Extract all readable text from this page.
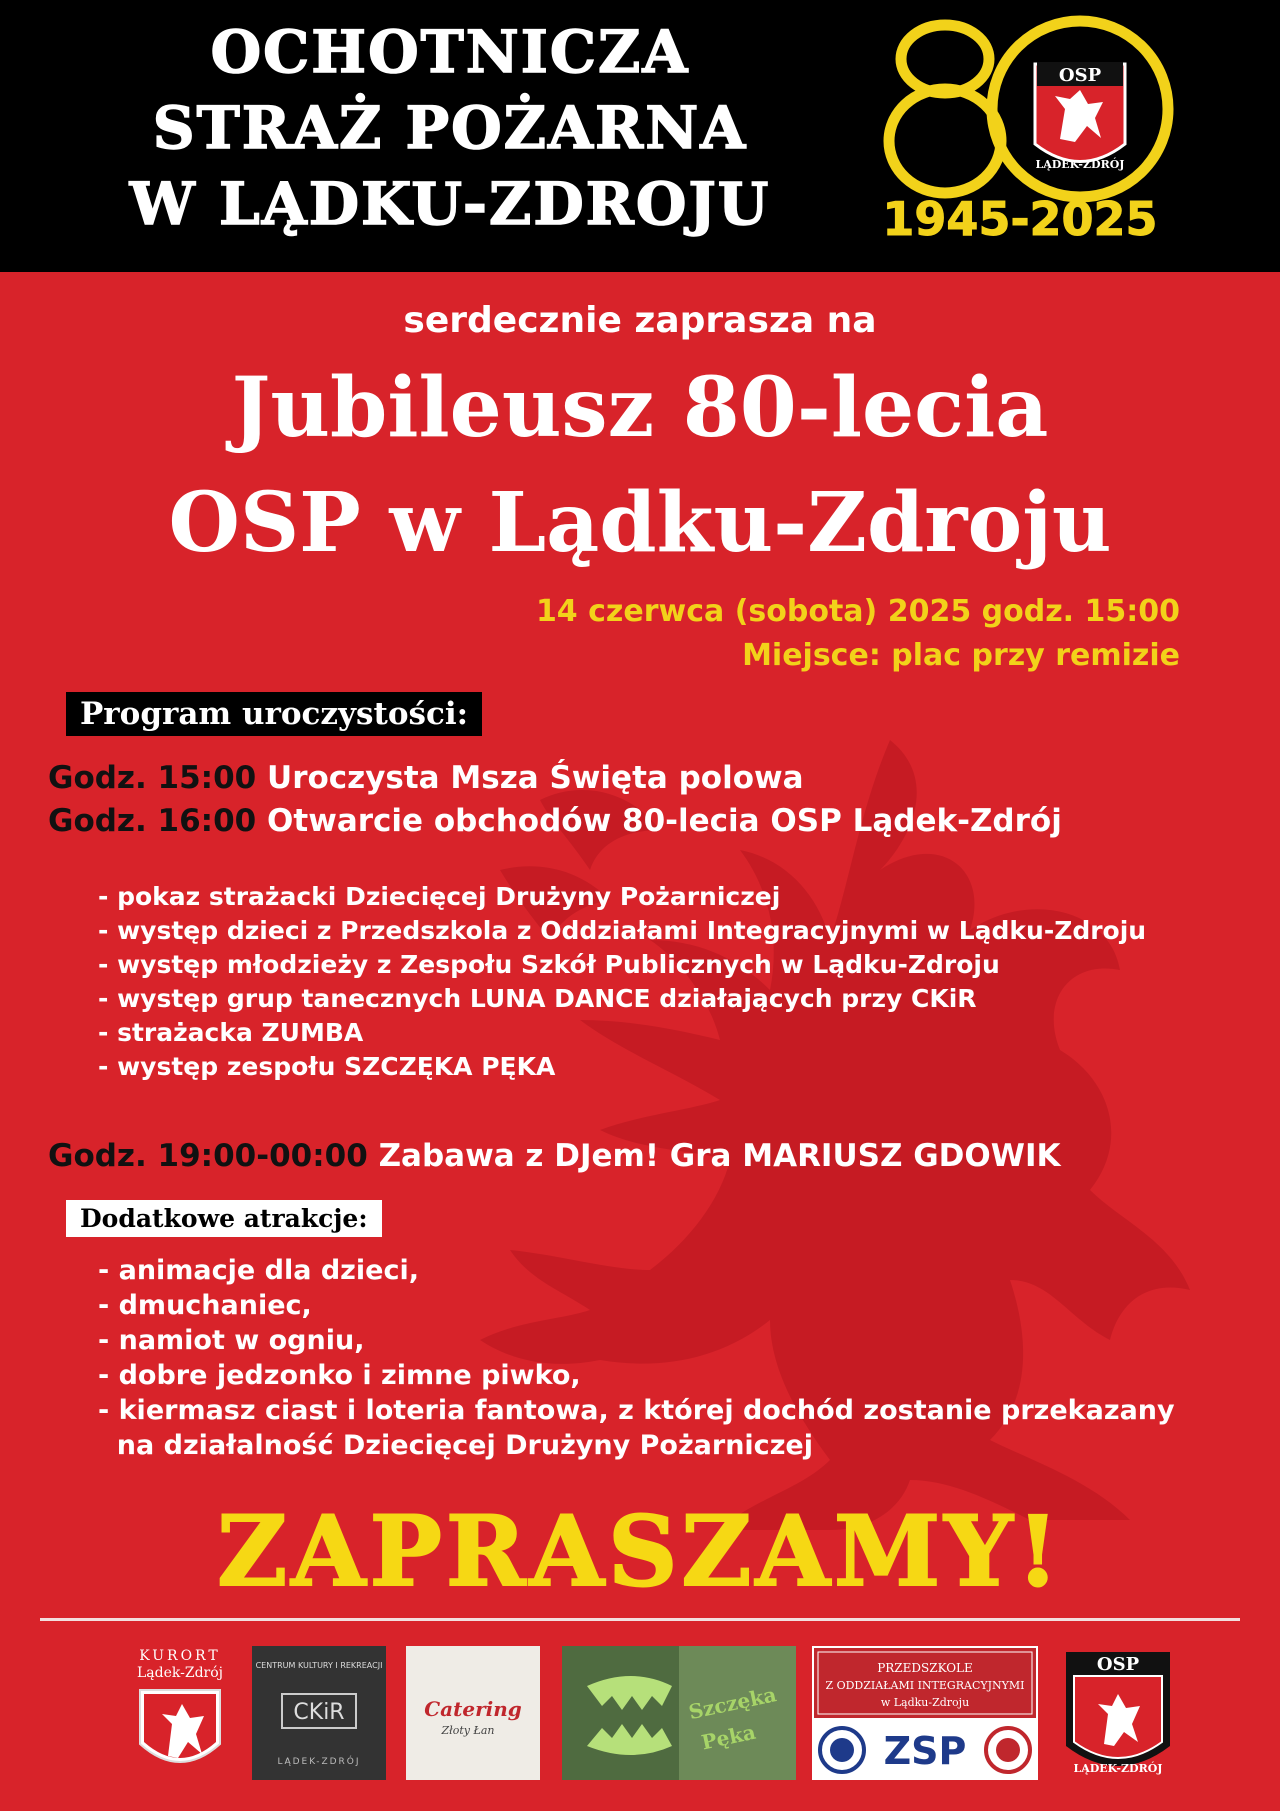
OCHOTNICZA
STRAŻ POŻARNA
W LĄDKU-ZDROJU
OSP
LĄDEK-ZDRÓJ
1945-2025
serdecznie zaprasza na
Jubileusz 80-lecia
OSP w Lądku-Zdroju
14 czerwca (sobota) 2025 godz. 15:00
Miejsce: plac przy remizie
Program uroczystości:
Godz. 15:00 Uroczysta Msza Święta polowa
Godz. 16:00 Otwarcie obchodów 80-lecia OSP Lądek-Zdrój
- pokaz strażacki Dziecięcej Drużyny Pożarniczej
- występ dzieci z Przedszkola z Oddziałami Integracyjnymi w Lądku-Zdroju
- występ młodzieży z Zespołu Szkół Publicznych w Lądku-Zdroju
- występ grup tanecznych LUNA DANCE działających przy CKiR
- strażacka ZUMBA
- występ zespołu SZCZĘKA PĘKA
Godz. 19:00-00:00 Zabawa z DJem! Gra MARIUSZ GDOWIK
Dodatkowe atrakcje:
- animacje dla dzieci,
- dmuchaniec,
- namiot w ogniu,
- dobre jedzonko i zimne piwko,
- kiermasz ciast i loteria fantowa, z której dochód zostanie przekazany
na działalność Dziecięcej Drużyny Pożarniczej
ZAPRASZAMY!
KURORT
Lądek-Zdrój	CENTRUM KULTURY I REKREACJI
CKiR
LĄDEK-ZDRÓJ
Catering
Złoty Łan
Szczęka
Pęka
PRZEDSZKOLE
Z ODDZIAŁAMI INTEGRACYJNYMI
w Lądku-Zdroju
ZSP
OSP
LĄDEK-ZDRÓJ
